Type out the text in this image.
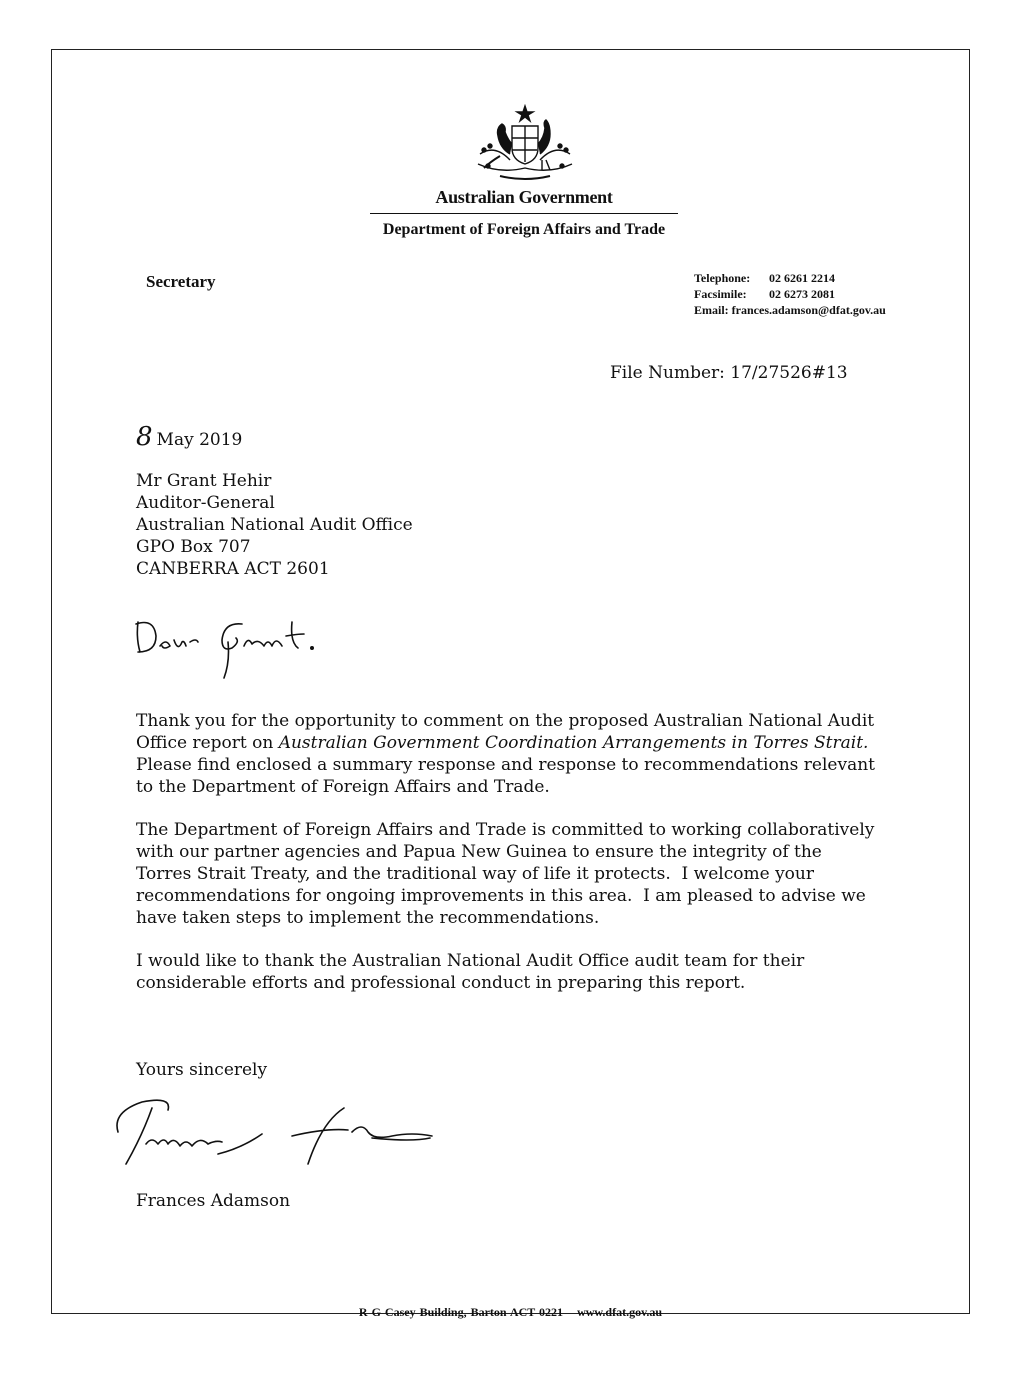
Australian Government
Department of Foreign Affairs and Trade
Secretary	Telephone: 02 6261 2214
Facsimile: 02 6273 2081
Email: frances.adamson@dfat.gov.au
File Number: 17/27526#13
8 May 2019
Mr Grant Hehir
Auditor-General
Australian National Audit Office
GPO Box 707
CANBERRA ACT 2601
Thank you for the opportunity to comment on the proposed Australian National Audit Office report on Australian Government Coordination Arrangements in Torres Strait.  Please find enclosed a summary response and response to recommendations relevant to the Department of Foreign Affairs and Trade.
The Department of Foreign Affairs and Trade is committed to working collaboratively with our partner agencies and Papua New Guinea to ensure the integrity of the Torres Strait Treaty, and the traditional way of life it protects.  I welcome your recommendations for ongoing improvements in this area.  I am pleased to advise we have taken steps to implement the recommendations.
I would like to thank the Australian National Audit Office audit team for their considerable efforts and professional conduct in preparing this report.
Yours sincerely
Frances Adamson
R G Casey Building, Barton ACT 0221 www.dfat.gov.au
